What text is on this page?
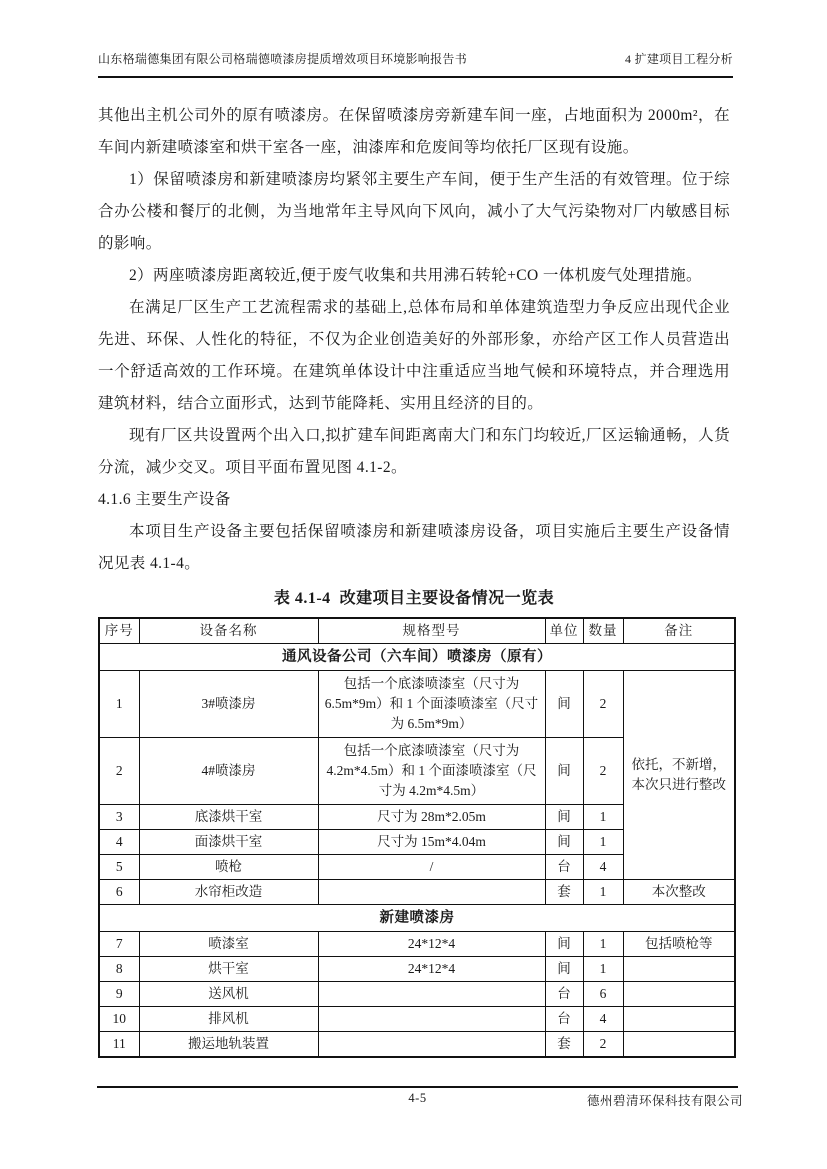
山东格瑞德集团有限公司格瑞德喷漆房提质增效项目环境影响报告书	4 扩建项目工程分析

其他出主机公司外的原有喷漆房。在保留喷漆房旁新建车间一座，占地面积为 2000m²，在车间内新建喷漆室和烘干室各一座，油漆库和危废间等均依托厂区现有设施。

1）保留喷漆房和新建喷漆房均紧邻主要生产车间，便于生产生活的有效管理。位于综合办公楼和餐厅的北侧，为当地常年主导风向下风向，减小了大气污染物对厂内敏感目标的影响。

2）两座喷漆房距离较近,便于废气收集和共用沸石转轮+CO 一体机废气处理措施。

在满足厂区生产工艺流程需求的基础上,总体布局和单体建筑造型力争反应出现代企业先进、环保、人性化的特征，不仅为企业创造美好的外部形象，亦给产区工作人员营造出一个舒适高效的工作环境。在建筑单体设计中注重适应当地气候和环境特点，并合理选用建筑材料，结合立面形式，达到节能降耗、实用且经济的目的。

现有厂区共设置两个出入口,拟扩建车间距离南大门和东门均较近,厂区运输通畅，人货分流，减少交叉。项目平面布置见图 4.1-2。

4.1.6 主要生产设备

本项目生产设备主要包括保留喷漆房和新建喷漆房设备，项目实施后主要生产设备情况见表 4.1-4。

表 4.1-4  改建项目主要设备情况一览表
序号	设备名称	规格型号	单位	数量	备注
通风设备公司（六车间）喷漆房（原有）					
1	3#喷漆房	包括一个底漆喷漆室（尺寸为 6.5m*9m）和 1 个面漆喷漆室（尺寸为 6.5m*9m）	间	2	依托，不新增，本次只进行整改
2	4#喷漆房	包括一个底漆喷漆室（尺寸为 4.2m*4.5m）和 1 个面漆喷漆室（尺寸为 4.2m*4.5m）	间	2	
3	底漆烘干室	尺寸为 28m*2.05m	间	1	
4	面漆烘干室	尺寸为 15m*4.04m	间	1	
5	喷枪	/	台	4	
6	水帘柜改造		套	1	本次整改
新建喷漆房					
7	喷漆室	24*12*4	间	1	包括喷枪等
8	烘干室	24*12*4	间	1	
9	送风机		台	6	
10	排风机		台	4	
11	搬运地轨装置		套	2	
4-5	德州碧清环保科技有限公司
